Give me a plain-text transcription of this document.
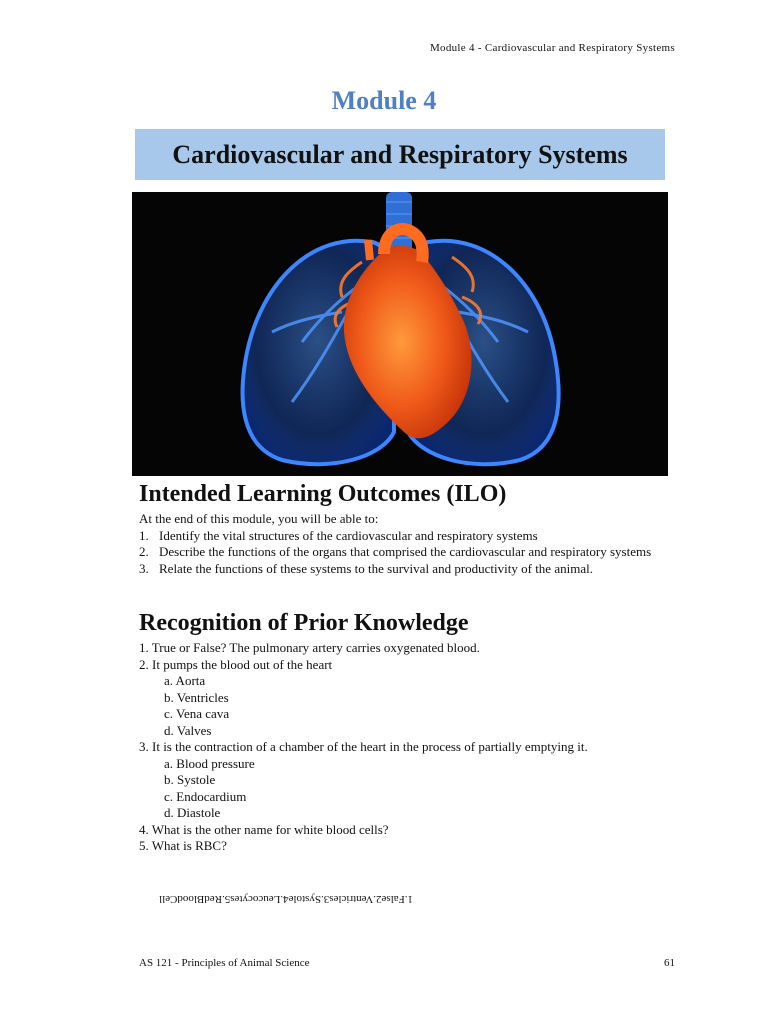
Module 4 - Cardiovascular and Respiratory Systems
Module 4
Cardiovascular and Respiratory Systems
Intended Learning Outcomes (ILO)
At the end of this module, you will be able to:
1. Identify the vital structures of the cardiovascular and respiratory systems
2. Describe the functions of the organs that comprised the cardiovascular and respiratory systems
3. Relate the functions of these systems to the survival and productivity of the animal.
Recognition of Prior Knowledge
1. True or False? The pulmonary artery carries oxygenated blood.
2. It pumps the blood out of the heart
a. Aorta
b. Ventricles
c. Vena cava
d. Valves
3. It is the contraction of a chamber of the heart in the process of partially emptying it.
a. Blood pressure
b. Systole
c. Endocardium
d. Diastole
4. What is the other name for white blood cells?
5. What is RBC?
1.False2.Ventricles3.Systole4.Leucocytes5.RedBloodCell
AS 121 - Principles of Animal Science	61
